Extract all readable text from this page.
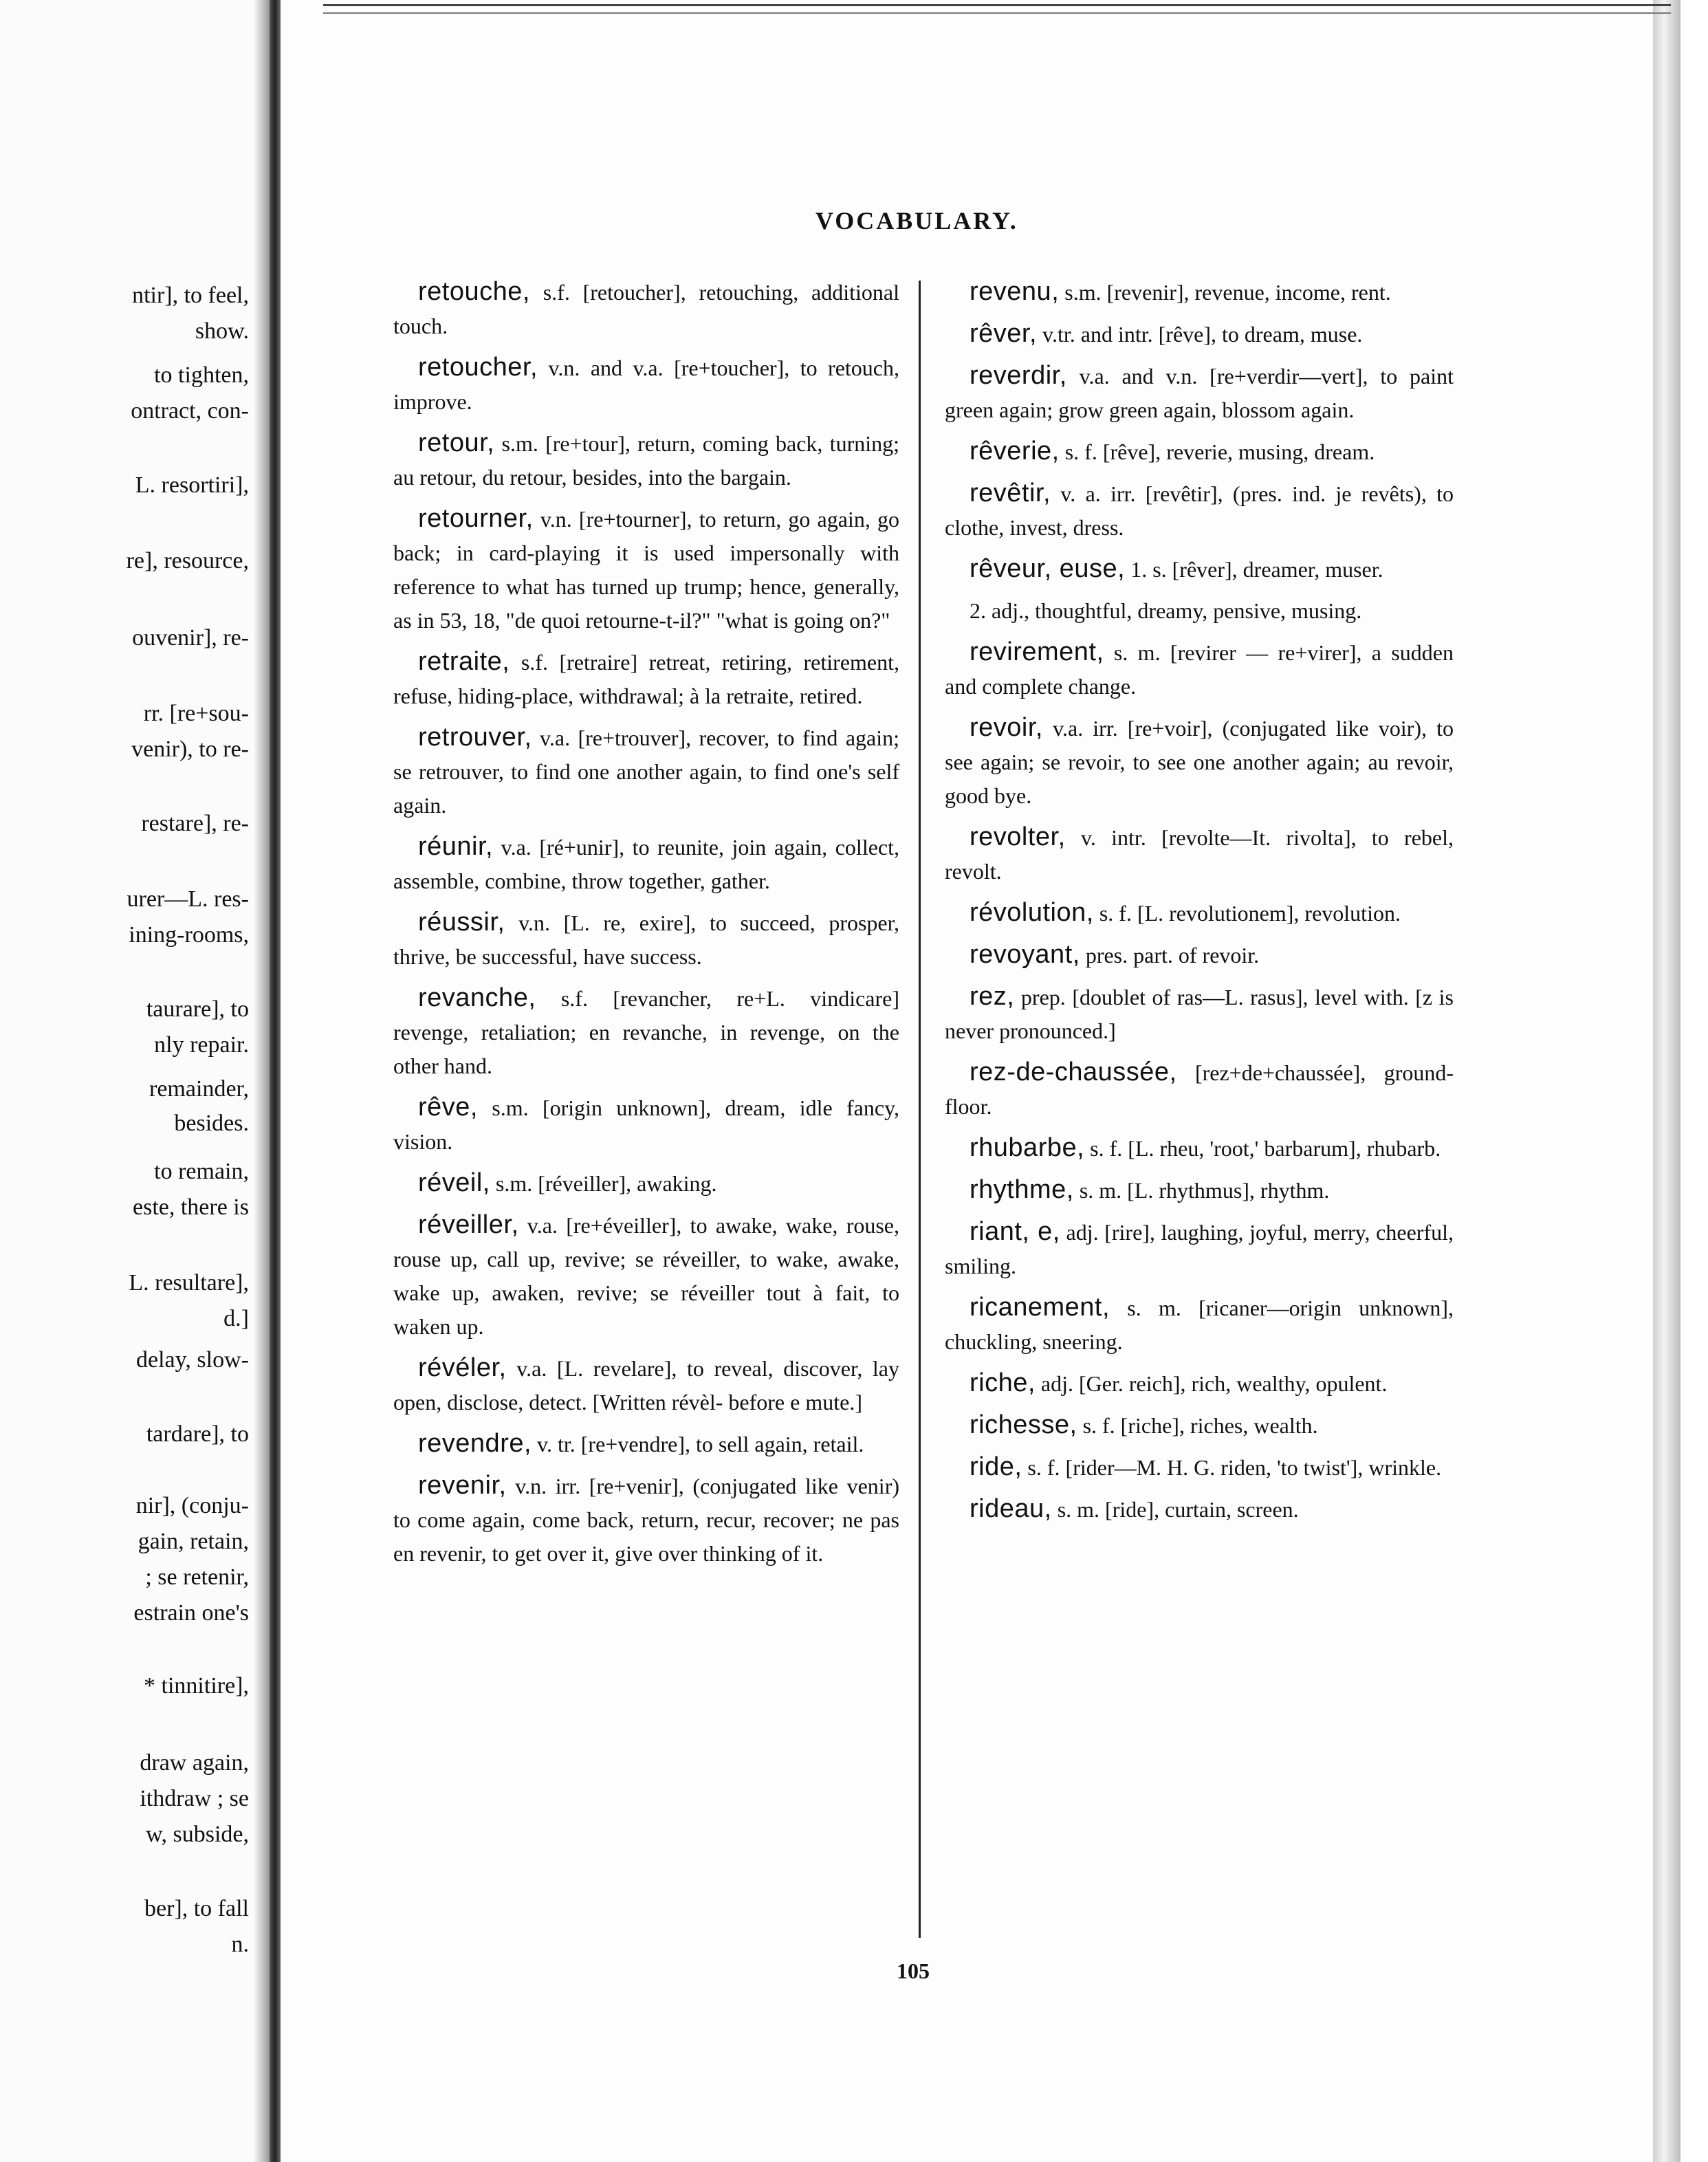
ntir], to feel,
show.
to tighten,
ontract, con-
L. resortiri],
re], resource,
ouvenir], re-
rr. [re+sou-
venir), to re-
restare], re-
urer—L. res-
ining-rooms,
taurare], to
nly repair.
remainder,
besides.
to remain,
este, there is
L. resultare],
d.]
delay, slow-
tardare], to
nir], (conju-
gain, retain,
; se retenir,
estrain one's
* tinnitire],
draw again,
ithdraw ; se
w, subside,
ber], to fall
n.
VOCABULARY.

retouche, s.f. [retoucher], retouching, additional touch.

retoucher, v.n. and v.a. [re+toucher], to retouch, improve.

retour, s.m. [re+tour], return, coming back, turning; au retour, du retour, besides, into the bargain.

retourner, v.n. [re+tourner], to return, go again, go back; in card-playing it is used impersonally with reference to what has turned up trump; hence, generally, as in 53, 18, "de quoi retourne-t-il?" "what is going on?"

retraite, s.f. [retraire] retreat, retiring, retirement, refuse, hiding-place, withdrawal; à la retraite, retired.

retrouver, v.a. [re+trouver], recover, to find again; se retrouver, to find one another again, to find one's self again.

réunir, v.a. [ré+unir], to reunite, join again, collect, assemble, combine, throw together, gather.

réussir, v.n. [L. re, exire], to succeed, prosper, thrive, be successful, have success.

revanche, s.f. [revancher, re+L. vindicare] revenge, retaliation; en revanche, in revenge, on the other hand.

rêve, s.m. [origin unknown], dream, idle fancy, vision.

réveil, s.m. [réveiller], awaking.

réveiller, v.a. [re+éveiller], to awake, wake, rouse, rouse up, call up, revive; se réveiller, to wake, awake, wake up, awaken, revive; se réveiller tout à fait, to waken up.

révéler, v.a. [L. revelare], to reveal, discover, lay open, disclose, detect. [Written révèl- before e mute.]

revendre, v. tr. [re+vendre], to sell again, retail.

revenir, v.n. irr. [re+venir], (conjugated like venir) to come again, come back, return, recur, recover; ne pas en revenir, to get over it, give over thinking of it.

revenu, s.m. [revenir], revenue, income, rent.

rêver, v.tr. and intr. [rêve], to dream, muse.

reverdir, v.a. and v.n. [re+verdir—vert], to paint green again; grow green again, blossom again.

rêverie, s. f. [rêve], reverie, musing, dream.

revêtir, v. a. irr. [revêtir], (pres. ind. je revêts), to clothe, invest, dress.

rêveur, euse, 1. s. [rêver], dreamer, muser.

2. adj., thoughtful, dreamy, pensive, musing.

revirement, s. m. [revirer — re+virer], a sudden and complete change.

revoir, v.a. irr. [re+voir], (conjugated like voir), to see again; se revoir, to see one another again; au revoir, good bye.

revolter, v. intr. [revolte—It. rivolta], to rebel, revolt.

révolution, s. f. [L. revolutionem], revolution.

revoyant, pres. part. of revoir.

rez, prep. [doublet of ras—L. rasus], level with. [z is never pronounced.]

rez-de-chaussée, [rez+de+chaussée], ground-floor.

rhubarbe, s. f. [L. rheu, 'root,' barbarum], rhubarb.

rhythme, s. m. [L. rhythmus], rhythm.

riant, e, adj. [rire], laughing, joyful, merry, cheerful, smiling.

ricanement, s. m. [ricaner—origin unknown], chuckling, sneering.

riche, adj. [Ger. reich], rich, wealthy, opulent.

richesse, s. f. [riche], riches, wealth.

ride, s. f. [rider—M. H. G. riden, 'to twist'], wrinkle.

rideau, s. m. [ride], curtain, screen.

105
